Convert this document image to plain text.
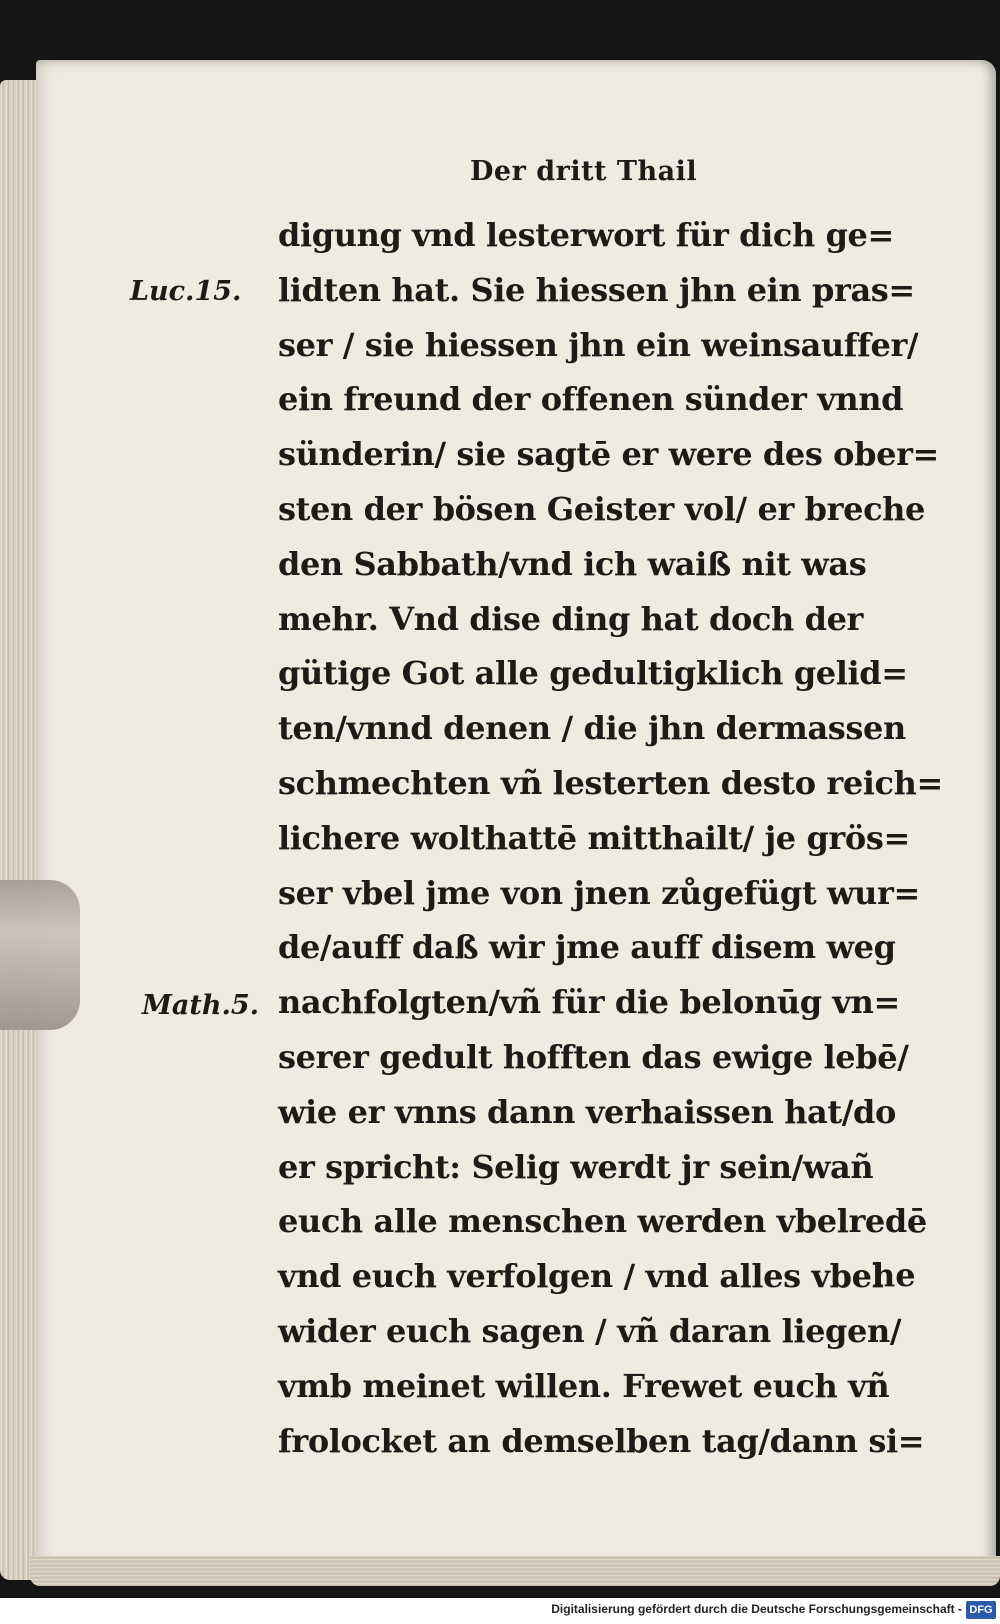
Der dritt Thail
Luc.15.
Math.5.
digung vnd lesterwort für dich ge=
lidten hat. Sie hiessen jhn ein pras=
ser / sie hiessen jhn ein weinsauffer/
ein freund der offenen sünder vnnd
sünderin/ sie sagtē er were des ober=
sten der bösen Geister vol/ er breche
den Sabbath/vnd ich waiß nit was
mehr. Vnd dise ding hat doch der
gütige Got alle gedultigklich gelid=
ten/vnnd denen / die jhn dermassen
schmechten vñ lesterten desto reich=
lichere wolthattē mitthailt/ je grös=
ser vbel jme von jnen zůgefügt wur=
de/auff daß wir jme auff disem weg
nachfolgten/vñ für die belonūg vn=
serer gedult hofften das ewige lebē/
wie er vnns dann verhaissen hat/do
er spricht: Selig werdt jr sein/wañ
euch alle menschen werden vbelredē
vnd euch verfolgen / vnd alles vbel
wider euch sagen / vñ daran liegen/
vmb meinet willen. Frewet euch vñ
frolocket an demselben tag/dann si=
he
Digitalisierung gefördert durch die Deutsche Forschungsgemeinschaft - DFG
